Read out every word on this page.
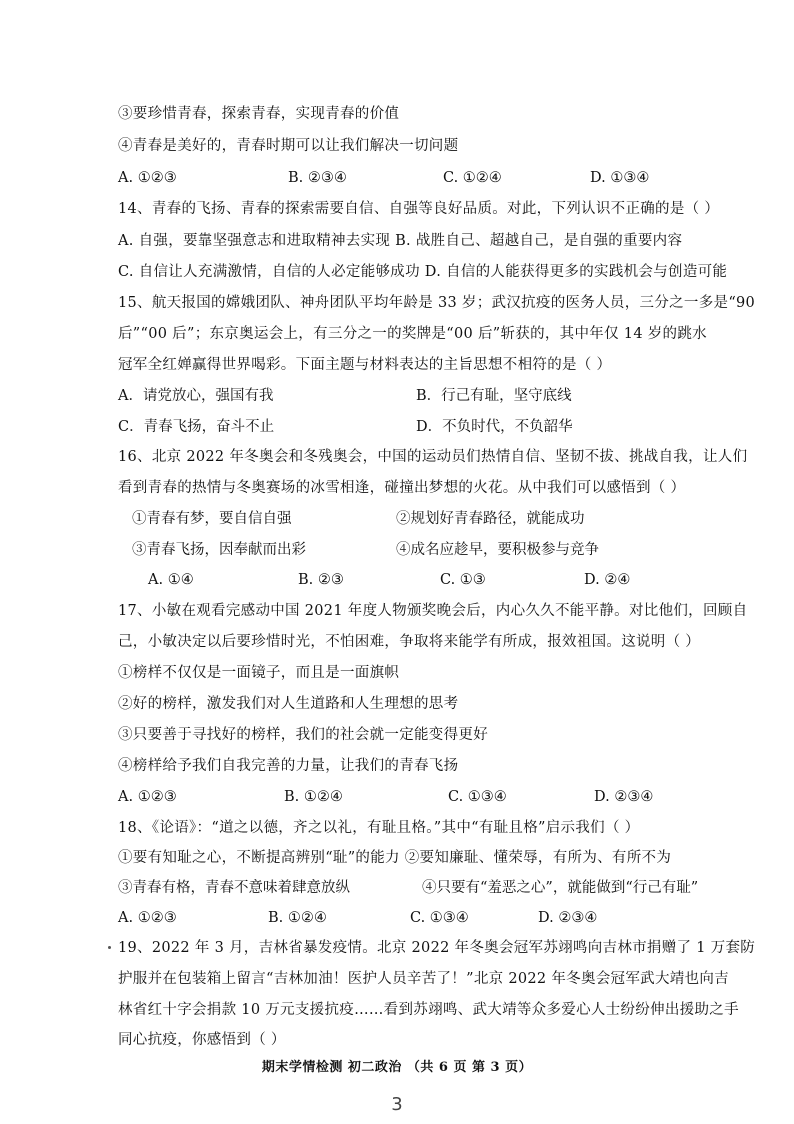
③要珍惜青春，探索青春，实现青春的价值
④青春是美好的，青春时期可以让我们解决一切问题
A. ①②③	B. ②③④	C. ①②④	D. ①③④
14、青春的飞扬、青春的探索需要自信、自强等良好品质。对此，下列认识不正确的是（ ）
A. 自强，要靠坚强意志和进取精神去实现 B. 战胜自己、超越自己，是自强的重要内容
C. 自信让人充满激情，自信的人必定能够成功 D. 自信的人能获得更多的实践机会与创造可能
15、航天报国的嫦娥团队、神舟团队平均年龄是 33 岁；武汉抗疫的医务人员，三分之一多是“90
后”“00 后”；东京奥运会上，有三分之一的奖牌是“00 后”斩获的，其中年仅 14 岁的跳水
冠军全红婵赢得世界喝彩。下面主题与材料表达的主旨思想不相符的是（ ）
A．请党放心，强国有我	B．行己有耻，坚守底线
C．青春飞扬，奋斗不止	D．不负时代，不负韶华
16、北京 2022 年冬奥会和冬残奥会，中国的运动员们热情自信、坚韧不拔、挑战自我，让人们
看到青春的热情与冬奥赛场的冰雪相逢，碰撞出梦想的火花。从中我们可以感悟到（ ）
①青春有梦，要自信自强	②规划好青春路径，就能成功
③青春飞扬，因奉献而出彩	④成名应趁早，要积极参与竞争
A. ①④	B. ②③	C. ①③	D. ②④
17、小敏在观看完感动中国 2021 年度人物颁奖晚会后，内心久久不能平静。对比他们，回顾自
己，小敏决定以后要珍惜时光，不怕困难，争取将来能学有所成，报效祖国。这说明（ ）
①榜样不仅仅是一面镜子，而且是一面旗帜
②好的榜样，激发我们对人生道路和人生理想的思考
③只要善于寻找好的榜样，我们的社会就一定能变得更好
④榜样给予我们自我完善的力量，让我们的青春飞扬
A. ①②③	B. ①②④	C. ①③④	D. ②③④
18、《论语》：“道之以德，齐之以礼，有耻且格。”其中“有耻且格”启示我们（ ）
①要有知耻之心，不断提高辨别“耻”的能力 ②要知廉耻、懂荣辱，有所为、有所不为
③青春有格，青春不意味着肆意放纵	④只要有“羞恶之心”，就能做到“行己有耻”
A. ①②③	B. ①②④	C. ①③④	D. ②③④
19、2022 年 3 月，吉林省暴发疫情。北京 2022 年冬奥会冠军苏翊鸣向吉林市捐赠了 1 万套防
护服并在包装箱上留言“吉林加油！医护人员辛苦了！”北京 2022 年冬奥会冠军武大靖也向吉
林省红十字会捐款 10 万元支援抗疫……看到苏翊鸣、武大靖等众多爱心人士纷纷伸出援助之手
同心抗疫，你感悟到（ ）
期末学情检测 初二政治 （共 6 页 第 3 页）
3
